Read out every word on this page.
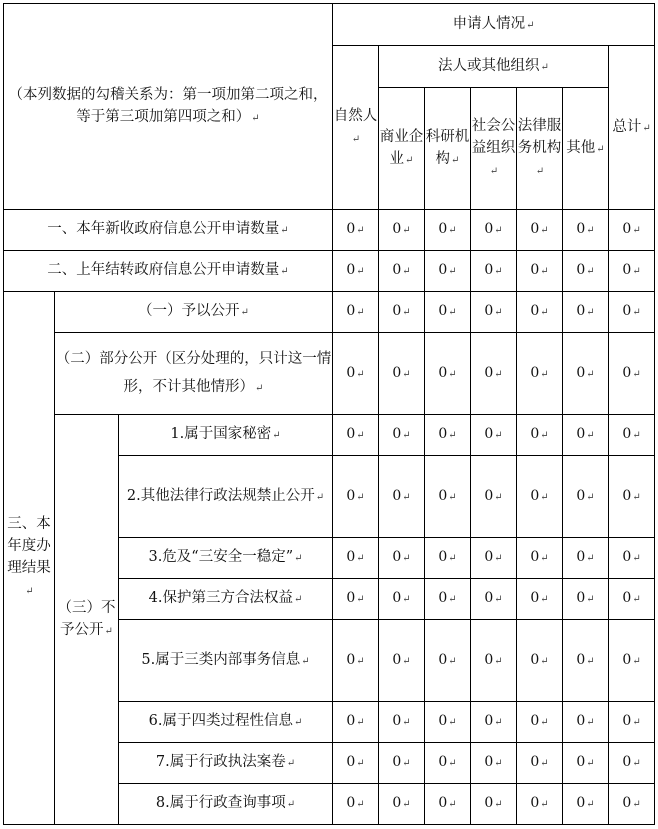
（本列数据的勾稽关系为：第一项加第二项之和，等于第三项加第四项之和）↵			申请人情况↵						
			自然人↵	法人或其他组织↵					总计↵
				商业企业↵	科研机构↵	社会公益组织↵	法律服务机构↵	其他↵	
一、本年新收政府信息公开申请数量↵			0↵	0↵	0↵	0↵	0↵	0↵	0↵
二、上年结转政府信息公开申请数量↵			0↵	0↵	0↵	0↵	0↵	0↵	0↵
三、本年度办理结果↵	（一）予以公开↵		0↵	0↵	0↵	0↵	0↵	0↵	0↵
	（二）部分公开（区分处理的，只计这一情形，不计其他情形）↵		0↵	0↵	0↵	0↵	0↵	0↵	0↵
	（三）不予公开↵	1.属于国家秘密↵	0↵	0↵	0↵	0↵	0↵	0↵	0↵
		2.其他法律行政法规禁止公开↵	0↵	0↵	0↵	0↵	0↵	0↵	0↵
		3.危及“三安全一稳定”↵	0↵	0↵	0↵	0↵	0↵	0↵	0↵
		4.保护第三方合法权益↵	0↵	0↵	0↵	0↵	0↵	0↵	0↵
		5.属于三类内部事务信息↵	0↵	0↵	0↵	0↵	0↵	0↵	0↵
		6.属于四类过程性信息↵	0↵	0↵	0↵	0↵	0↵	0↵	0↵
		7.属于行政执法案卷↵	0↵	0↵	0↵	0↵	0↵	0↵	0↵
		8.属于行政查询事项↵	0↵	0↵	0↵	0↵	0↵	0↵	0↵
